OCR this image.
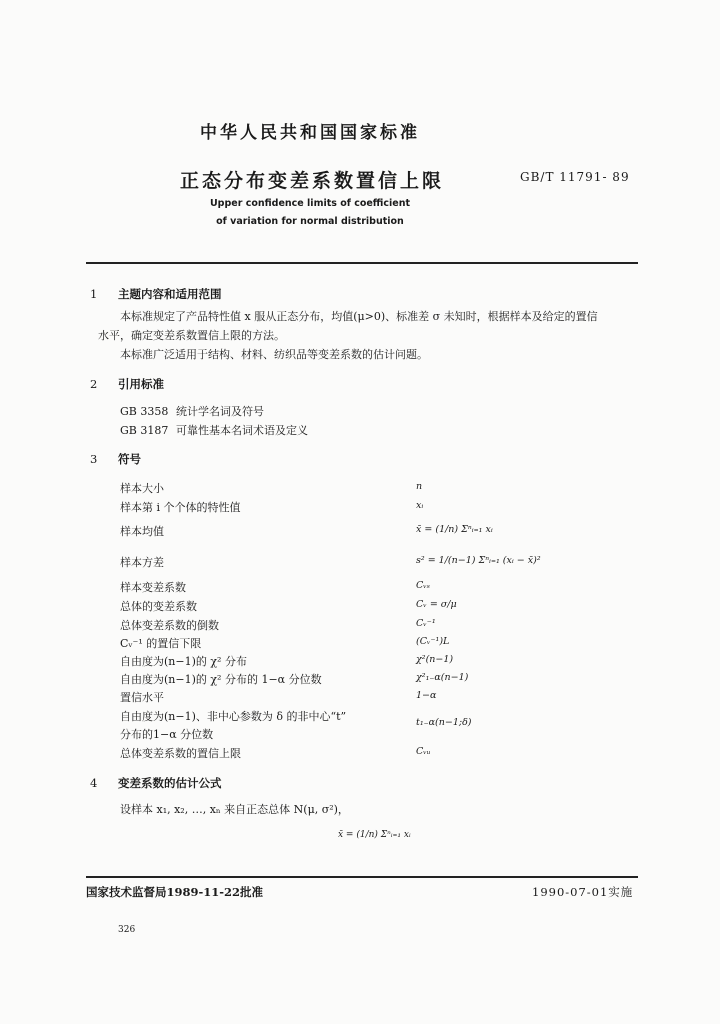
中华人民共和国国家标准
正态分布变差系数置信上限	GB/T 11791- 89
Upper confidence limits of coefficient
of variation for normal distribution
1 主题内容和适用范围
本标准规定了产品特性值 x 服从正态分布，均值(μ>0)、标准差 σ 未知时，根据样本及给定的置信
水平，确定变差系数置信上限的方法。
本标准广泛适用于结构、材料、纺织品等变差系数的估计问题。
2 引用标准
GB 3358 统计学名词及符号
GB 3187 可靠性基本名词术语及定义
3 符号
样本大小	n
样本第 i 个个体的特性值	xᵢ
样本均值	x̄ = (1/n) Σⁿᵢ₌₁ xᵢ
样本方差	s² = 1/(n−1) Σⁿᵢ₌₁ (xᵢ − x̄)²
样本变差系数	Cᵥₛ
总体的变差系数	Cᵥ = σ/μ
总体变差系数的倒数	Cᵥ⁻¹
Cᵥ⁻¹ 的置信下限	(Cᵥ⁻¹)L
自由度为(n−1)的 χ² 分布	χ²(n−1)
自由度为(n−1)的 χ² 分布的 1−α 分位数	χ²₁₋α(n−1)
置信水平	1−α
自由度为(n−1)、非中心参数为 δ 的非中心“t”	t₁₋α(n−1;δ)
分布的1−α 分位数
总体变差系数的置信上限	Cᵥᵤ
4 变差系数的估计公式
设样本 x₁, x₂, …, xₙ 来自正态总体 N(μ, σ²)，
x̄ = (1/n) Σⁿᵢ₌₁ xᵢ
国家技术监督局1989-11-22批准	1990-07-01实施
326
